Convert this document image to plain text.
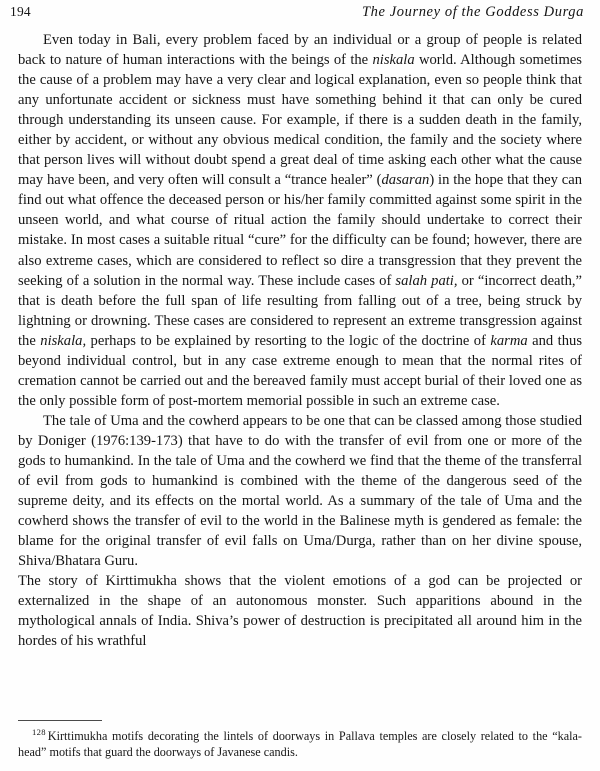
194	The Journey of the Goddess Durga

Even today in Bali, every problem faced by an individual or a group of people is related back to nature of human interactions with the beings of the niskala world. Although sometimes the cause of a problem may have a very clear and logical explanation, even so people think that any unfortunate accident or sickness must have something behind it that can only be cured through understanding its unseen cause. For example, if there is a sudden death in the family, either by accident, or without any obvious medical condition, the family and the society where that person lives will without doubt spend a great deal of time asking each other what the cause may have been, and very often will consult a “trance healer” (dasaran) in the hope that they can find out what offence the deceased person or his/her family committed against some spirit in the unseen world, and what course of ritual action the family should undertake to correct their mistake. In most cases a suitable ritual “cure” for the difficulty can be found; however, there are also extreme cases, which are considered to reflect so dire a transgression that they prevent the seeking of a solution in the normal way. These include cases of salah pati, or “incorrect death,” that is death before the full span of life resulting from falling out of a tree, being struck by lightning or drowning. These cases are considered to represent an extreme transgression against the niskala, perhaps to be explained by resorting to the logic of the doctrine of karma and thus beyond individual control, but in any case extreme enough to mean that the normal rites of cremation cannot be carried out and the bereaved family must accept burial of their loved one as the only possible form of post-mortem memorial possible in such an extreme case.

The tale of Uma and the cowherd appears to be one that can be classed among those studied by Doniger (1976:139-173) that have to do with the transfer of evil from one or more of the gods to humankind. In the tale of Uma and the cowherd we find that the theme of the transferral of evil from gods to humankind is combined with the theme of the dangerous seed of the supreme deity, and its effects on the mortal world. As a summary of the tale of Uma and the cowherd shows the transfer of evil to the world in the Balinese myth is gendered as female: the blame for the original transfer of evil falls on Uma/Durga, rather than on her divine spouse, Shiva/Bhatara Guru.

The story of Kirttimukha shows that the violent emotions of a god can be projected or externalized in the shape of an autonomous monster. Such apparitions abound in the mythological annals of India. Shiva’s power of destruction is precipitated all around him in the hordes of his wrathful

$^{128}$ Kirttimukha motifs decorating the lintels of doorways in Pallava temples are closely related to the “kala-head” motifs that guard the doorways of Javanese candis.
